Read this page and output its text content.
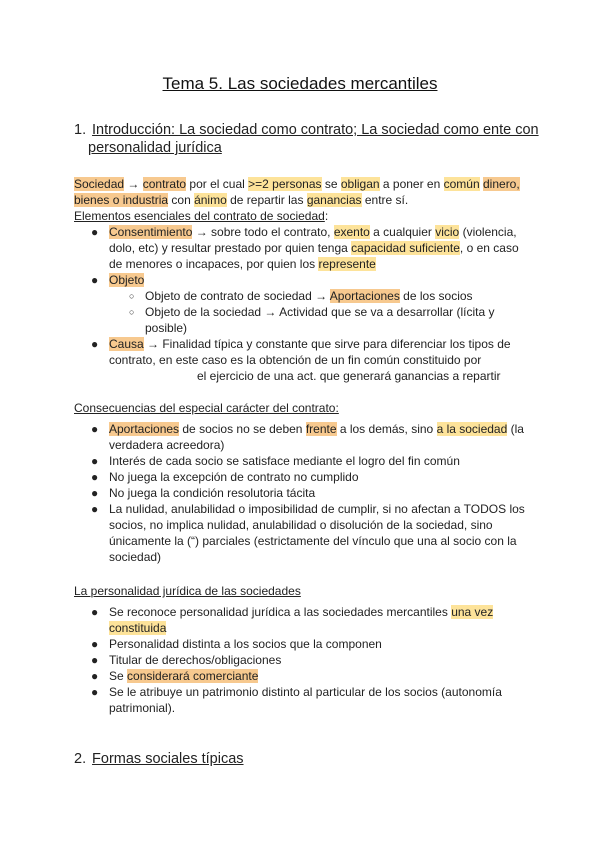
Tema 5. Las sociedades mercantiles
1. Introducción: La sociedad como contrato; La sociedad como ente con
personalidad jurídica
Sociedad → contrato por el cual >=2 personas se obligan a poner en común dinero,
bienes o industria con ánimo de repartir las ganancias entre sí.
Elementos esenciales del contrato de sociedad:
● Consentimiento → sobre todo el contrato, exento a cualquier vicio (violencia, dolo, etc) y resultar prestado por quien tenga capacidad suficiente, o en caso de menores o incapaces, por quien los represente
● Objeto
○ Objeto de contrato de sociedad → Aportaciones de los socios
○ Objeto de la sociedad → Actividad que se va a desarrollar (lícita y posible)
● Causa → Finalidad típica y constante que sirve para diferenciar los tipos de contrato, en este caso es la obtención de un fin común constituido por
el ejercicio de una act. que generará ganancias a repartir
Consecuencias del especial carácter del contrato:
● Aportaciones de socios no se deben frente a los demás, sino a la sociedad (la verdadera acreedora)
● Interés de cada socio se satisface mediante el logro del fin común
● No juega la excepción de contrato no cumplido
● No juega la condición resolutoria tácita
● La nulidad, anulabilidad o imposibilidad de cumplir, si no afectan a TODOS los socios, no implica nulidad, anulabilidad o disolución de la sociedad, sino únicamente la (“) parciales (estrictamente del vínculo que una al socio con la sociedad)
La personalidad jurídica de las sociedades
● Se reconoce personalidad jurídica a las sociedades mercantiles una vez constituida
● Personalidad distinta a los socios que la componen
● Titular de derechos/obligaciones
● Se considerará comerciante
● Se le atribuye un patrimonio distinto al particular de los socios (autonomía patrimonial).
2. Formas sociales típicas
